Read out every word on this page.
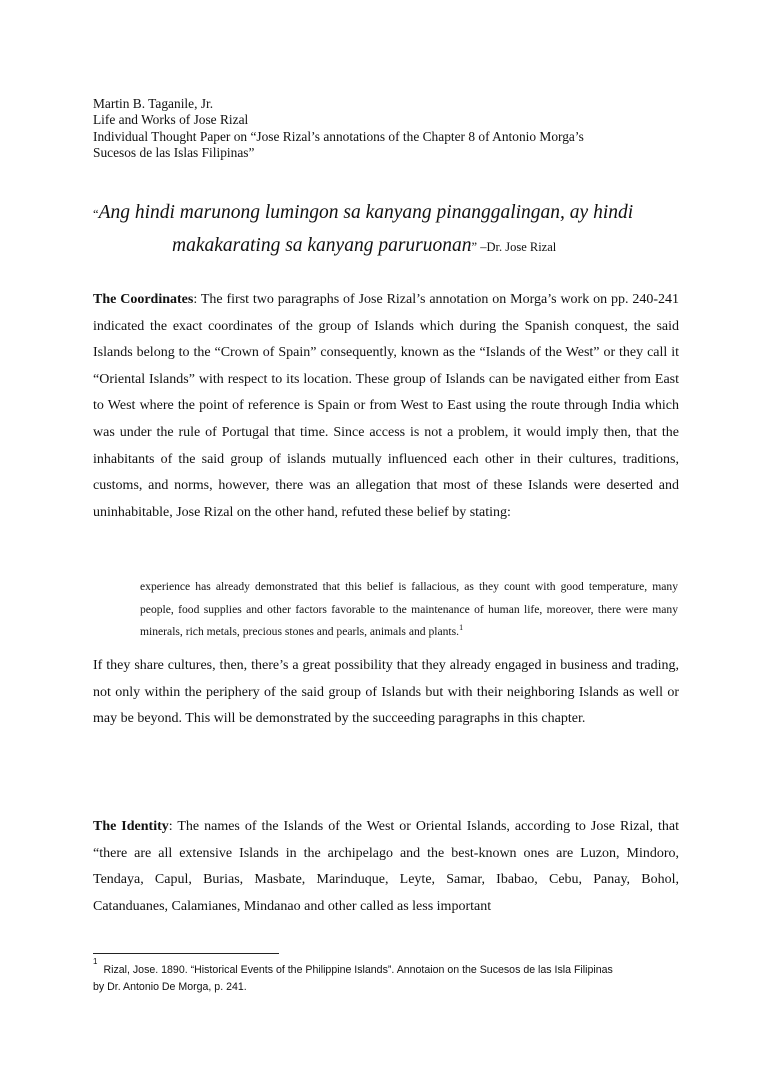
Martin B. Taganile, Jr.
Life and Works of Jose Rizal
Individual Thought Paper on “Jose Rizal’s annotations of the Chapter 8 of Antonio Morga’s
Sucesos de las Islas Filipinas”
“Ang hindi marunong lumingon sa kanyang pinanggalingan, ay hindi
makakarating sa kanyang paruruonan” –Dr. Jose Rizal

The Coordinates: The first two paragraphs of Jose Rizal’s annotation on Morga’s work on pp. 240-241 indicated the exact coordinates of the group of Islands which during the Spanish conquest, the said Islands belong to the “Crown of Spain” consequently, known as the “Islands of the West” or they call it “Oriental Islands” with respect to its location. These group of Islands can be navigated either from East to West where the point of reference is Spain or from West to East using the route through India which was under the rule of Portugal that time. Since access is not a problem, it would imply then, that the inhabitants of the said group of islands mutually influenced each other in their cultures, traditions, customs, and norms, however, there was an allegation that most of these Islands were deserted and uninhabitable, Jose Rizal on the other hand, refuted these belief by stating:

experience has already demonstrated that this belief is fallacious, as they count with good temperature, many people, food supplies and other factors favorable to the maintenance of human life, moreover, there were many minerals, rich metals, precious stones and pearls, animals and plants.$^1$

If they share cultures, then, there’s a great possibility that they already engaged in business and trading, not only within the periphery of the said group of Islands but with their neighboring Islands as well or may be beyond. This will be demonstrated by the succeeding paragraphs in this chapter.

The Identity: The names of the Islands of the West or Oriental Islands, according to Jose Rizal, that “there are all extensive Islands in the archipelago and the best-known ones are Luzon, Mindoro, Tendaya, Capul, Burias, Masbate, Marinduque, Leyte, Samar, Ibabao, Cebu, Panay, Bohol, Catanduanes, Calamianes, Mindanao and other called as less important

$^1$Rizal, Jose. 1890. “Historical Events of the Philippine Islands”. Annotaion on the Sucesos de las Isla Filipinas
by Dr. Antonio De Morga, p. 241.
